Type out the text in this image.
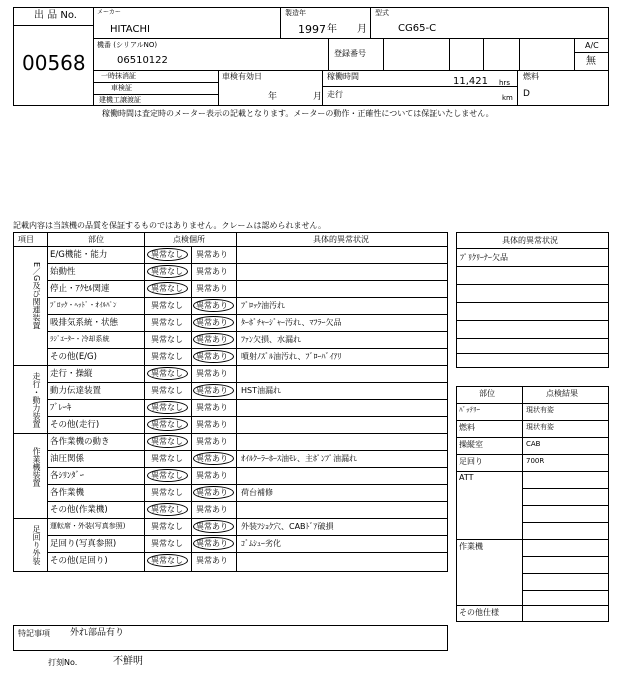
出 品 No.
00568
メーカー
HITACHI
製造年
1997 年 月
型式
CG65-C
機番 (シリアルNO)
06510122
登録番号
A/C
無
一時抹消証
車検証
建機工譲渡証
車検有効日
年	月
稼働時間	11,421 hrs
km
走行
燃料
D
稼働時間は査定時のメーター表示の記載となります。メーターの動作・正確性については保証いたしません。
記載内容は当該機の品質を保証するものではありません。クレームは認められません。
項目	部位	点検個所	具体的異常状況
E/G機能・能力	異常なし 異常あり
始動性	異常なし 異常あり
停止・ｱｸｾﾙ関連	異常なし 異常あり
ﾌﾞﾛｯｸ・ﾍｯﾄﾞ・ｵｲﾙﾊﾟﾝ	異常なし 異常あり ﾌﾞﾛｯｸ油汚れ
吸排気系統・状態	異常なし 異常あり ﾀｰﾎﾞﾁｬｰｼﾞｬｰ汚れ、ﾏﾌﾗｰ欠品
ﾗｼﾞｴｰﾀｰ・冷却系統	異常なし 異常あり ﾌｧﾝ欠損、水漏れ
その他(E/G)	異常なし 異常あり 噴射ﾉｽﾞﾙ油汚れ、ﾌﾞﾛｰﾊﾞｲｱﾘ
走行・操縦	異常なし 異常あり
動力伝達装置	異常なし 異常あり HST油漏れ
ﾌﾞﾚｰｷ	異常なし 異常あり
その他(走行)	異常なし 異常あり
各作業機の動き	異常なし 異常あり
油圧関係	異常なし 異常あり ｵｲﾙｸｰﾗｰﾎｰｽ油ﾓﾚ、主ﾎﾟﾝﾌﾟ油漏れ
各ｼﾘﾝﾀﾞｰ	異常なし 異常あり
各作業機	異常なし 異常あり 荷台補修
その他(作業機)	異常なし 異常あり
運転席・外装(写真参照)	異常なし 異常あり 外装ﾌｼｮｸ穴、CABﾄﾞｱ破損
足回り(写真参照)	異常なし 異常あり ｺﾞﾑｼｭｰ劣化
その他(足回り)	異常なし 異常あり
E／G及び関連装置
走行・動力装置
作業機装置
足回り外装
具体的異常状況
ﾌﾟﾘｸﾘｰﾅｰ欠品
部位	点検結果
ﾊﾞｯﾃﾘｰ	現状有姿
燃料	現状有姿
操縦室	CAB
足回り	700R
ATT
作業機
その他仕様
特記事項 外れ部品有り
打刻No.	不鮮明
